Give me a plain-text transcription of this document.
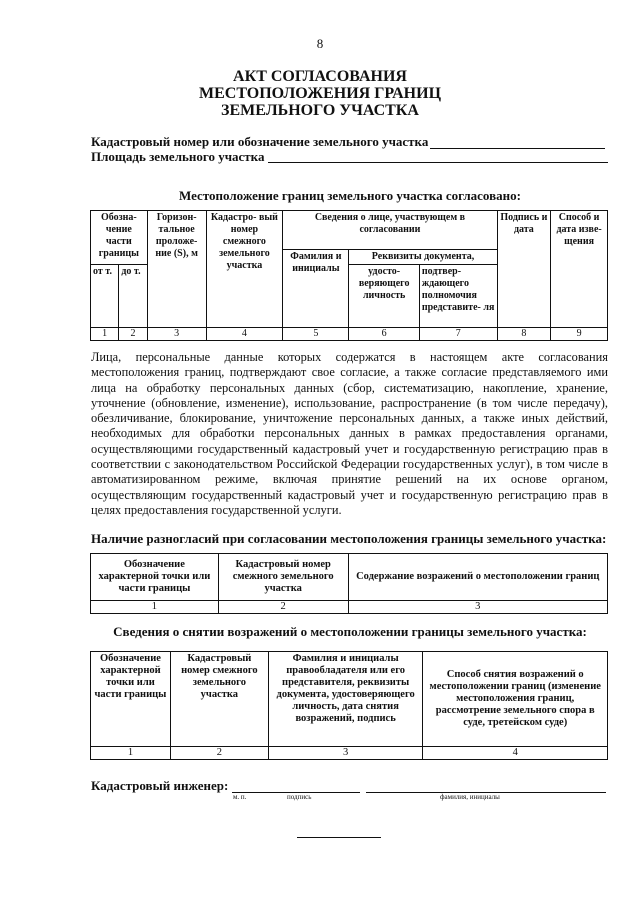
8
АКТ СОГЛАСОВАНИЯ
МЕСТОПОЛОЖЕНИЯ ГРАНИЦ
ЗЕМЕЛЬНОГО УЧАСТКА
Кадастровый номер или обозначение земельного участка
Площадь земельного участка
Местоположение границ земельного участка согласовано:
Обозна- чение части границы		Горизон- тальное проложе- ние (S), м	Кадастро- вый номер смежного земельного участка	Сведения о лице, участвующем в согласовании			Подпись и дата	Способ и дата изве- щения
				Фамилия и инициалы	Реквизиты документа,			
от т.	до т.				удосто- веряющего личность	подтвер- ждающего полномочия представите- ля		
1	2	3	4	5	6	7	8	9
Лица, персональные данные которых содержатся в настоящем акте согласования местоположения границ, подтверждают свое согласие, а также согласие представляемого ими лица на обработку персональных данных (сбор, систематизацию, накопление, хранение, уточнение (обновление, изменение), использование, распространение (в том числе передачу), обезличивание, блокирование, уничтожение персональных данных, а также иных действий, необходимых для обработки персональных данных в рамках предоставления органами, осуществляющими государственный кадастровый учет и государственную регистрацию прав в соответствии с законодательством Российской Федерации государственных услуг), в том числе в автоматизированном режиме, включая принятие решений на их основе органом, осуществляющим государственный кадастровый учет и государственную регистрацию прав в целях предоставления государственной услуги.
Наличие разногласий при согласовании местоположения границы земельного участка:
Обозначение характерной точки или части границы	Кадастровый номер смежного земельного участка	Содержание возражений о местоположении границ
1	2	3
Сведения о снятии возражений о местоположении границы земельного участка:
Обозначение характерной точки или части границы	Кадастровый номер смежного земельного участка	Фамилия и инициалы правообладателя или его представителя, реквизиты документа, удостоверяющего личность, дата снятия возражений, подпись	Способ снятия возражений о местоположении границ (изменение местоположения границ, рассмотрение земельного спора в суде, третейском суде)
1	2	3	4
Кадастровый инженер:
м. п.	подпись	фамилия, инициалы
